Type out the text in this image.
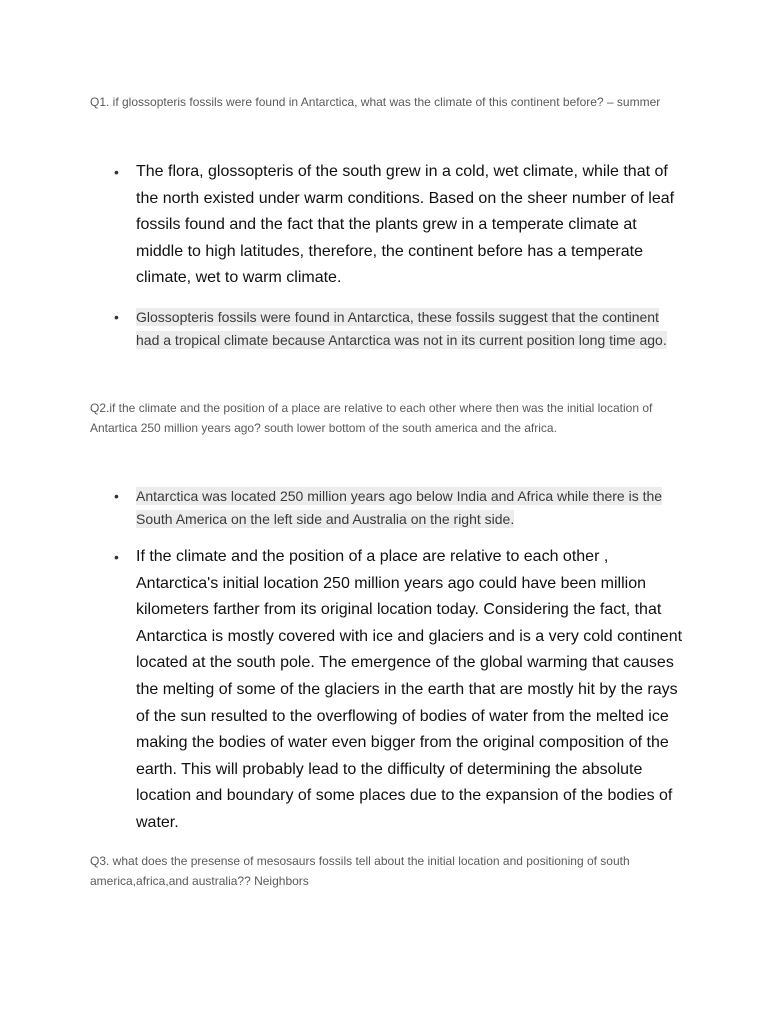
Q1. if glossopteris fossils were found in Antarctica, what was the climate of this continent before? – summer

• The flora, glossopteris of the south grew in a cold, wet climate, while that of the north existed under warm conditions. Based on the sheer number of leaf fossils found and the fact that the plants grew in a temperate climate at middle to high latitudes, therefore, the continent before has a temperate climate, wet to warm climate.
• Glossopteris fossils were found in Antarctica, these fossils suggest that the continent had a tropical climate because Antarctica was not in its current position long time ago.

Q2.if the climate and the position of a place are relative to each other where then was the initial location of Antartica 250 million years ago? south lower bottom of the south america and the africa.

• Antarctica was located 250 million years ago below India and Africa while there is the South America on the left side and Australia on the right side.
• If the climate and the position of a place are relative to each other , Antarctica's initial location 250 million years ago could have been million kilometers farther from its original location today. Considering the fact, that Antarctica is mostly covered with ice and glaciers and is a very cold continent located at the south pole. The emergence of the global warming that causes the melting of some of the glaciers in the earth that are mostly hit by the rays of the sun resulted to the overflowing of bodies of water from the melted ice making the bodies of water even bigger from the original composition of the earth. This will probably lead to the difficulty of determining the absolute location and boundary of some places due to the expansion of the bodies of water.

Q3. what does the presense of mesosaurs fossils tell about the initial location and positioning of south america,africa,and australia?? Neighbors
